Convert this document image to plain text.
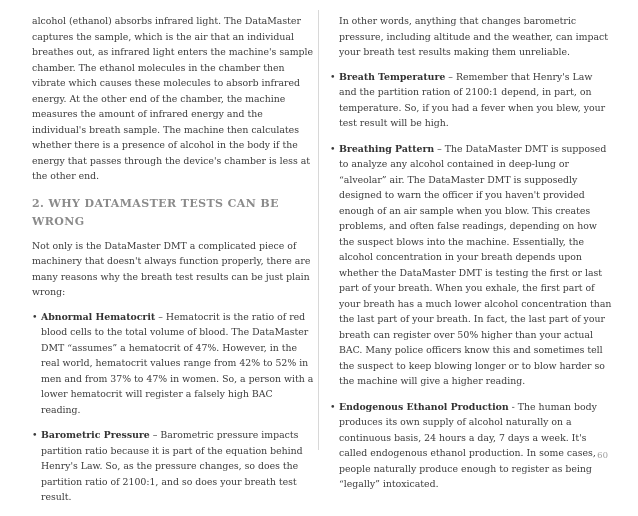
alcohol (ethanol) absorbs infrared light. The DataMaster captures the sample, which is the air that an individual breathes out, as infrared light enters the machine's sample chamber. The ethanol molecules in the chamber then vibrate which causes these molecules to absorb infrared energy. At the other end of the chamber, the machine measures the amount of infrared energy and the individual's breath sample. The machine then calculates whether there is a presence of alcohol in the body if the energy that passes through the device's chamber is less at the other end.

2. WHY DATAMASTER TESTS CAN BE WRONG

Not only is the DataMaster DMT a complicated piece of machinery that doesn't always function properly, there are many reasons why the breath test results can be just plain wrong:

• Abnormal Hematocrit – Hematocrit is the ratio of red blood cells to the total volume of blood. The DataMaster DMT “assumes” a hematocrit of 47%. However, in the real world, hematocrit values range from 42% to 52% in men and from 37% to 47% in women. So, a person with a lower hematocrit will register a falsely high BAC reading.
• Barometric Pressure – Barometric pressure impacts partition ratio because it is part of the equation behind Henry's Law. So, as the pressure changes, so does the partition ratio of 2100:1, and so does your breath test result.

In other words, anything that changes barometric pressure, including altitude and the weather, can impact your breath test results making them unreliable.

• Breath Temperature – Remember that Henry's Law and the partition ration of 2100:1 depend, in part, on temperature. So, if you had a fever when you blew, your test result will be high.
• Breathing Pattern – The DataMaster DMT is supposed to analyze any alcohol contained in deep-lung or “alveolar” air. The DataMaster DMT is supposedly designed to warn the officer if you haven't provided enough of an air sample when you blow. This creates problems, and often false readings, depending on how the suspect blows into the machine. Essentially, the alcohol concentration in your breath depends upon whether the DataMaster DMT is testing the first or last part of your breath. When you exhale, the first part of your breath has a much lower alcohol concentration than the last part of your breath. In fact, the last part of your breath can register over 50% higher than your actual BAC. Many police officers know this and sometimes tell the suspect to keep blowing longer or to blow harder so the machine will give a higher reading.
• Endogenous Ethanol Production - The human body produces its own supply of alcohol naturally on a continuous basis, 24 hours a day, 7 days a week. It's called endogenous ethanol production. In some cases, people naturally produce enough to register as being “legally” intoxicated.
60
